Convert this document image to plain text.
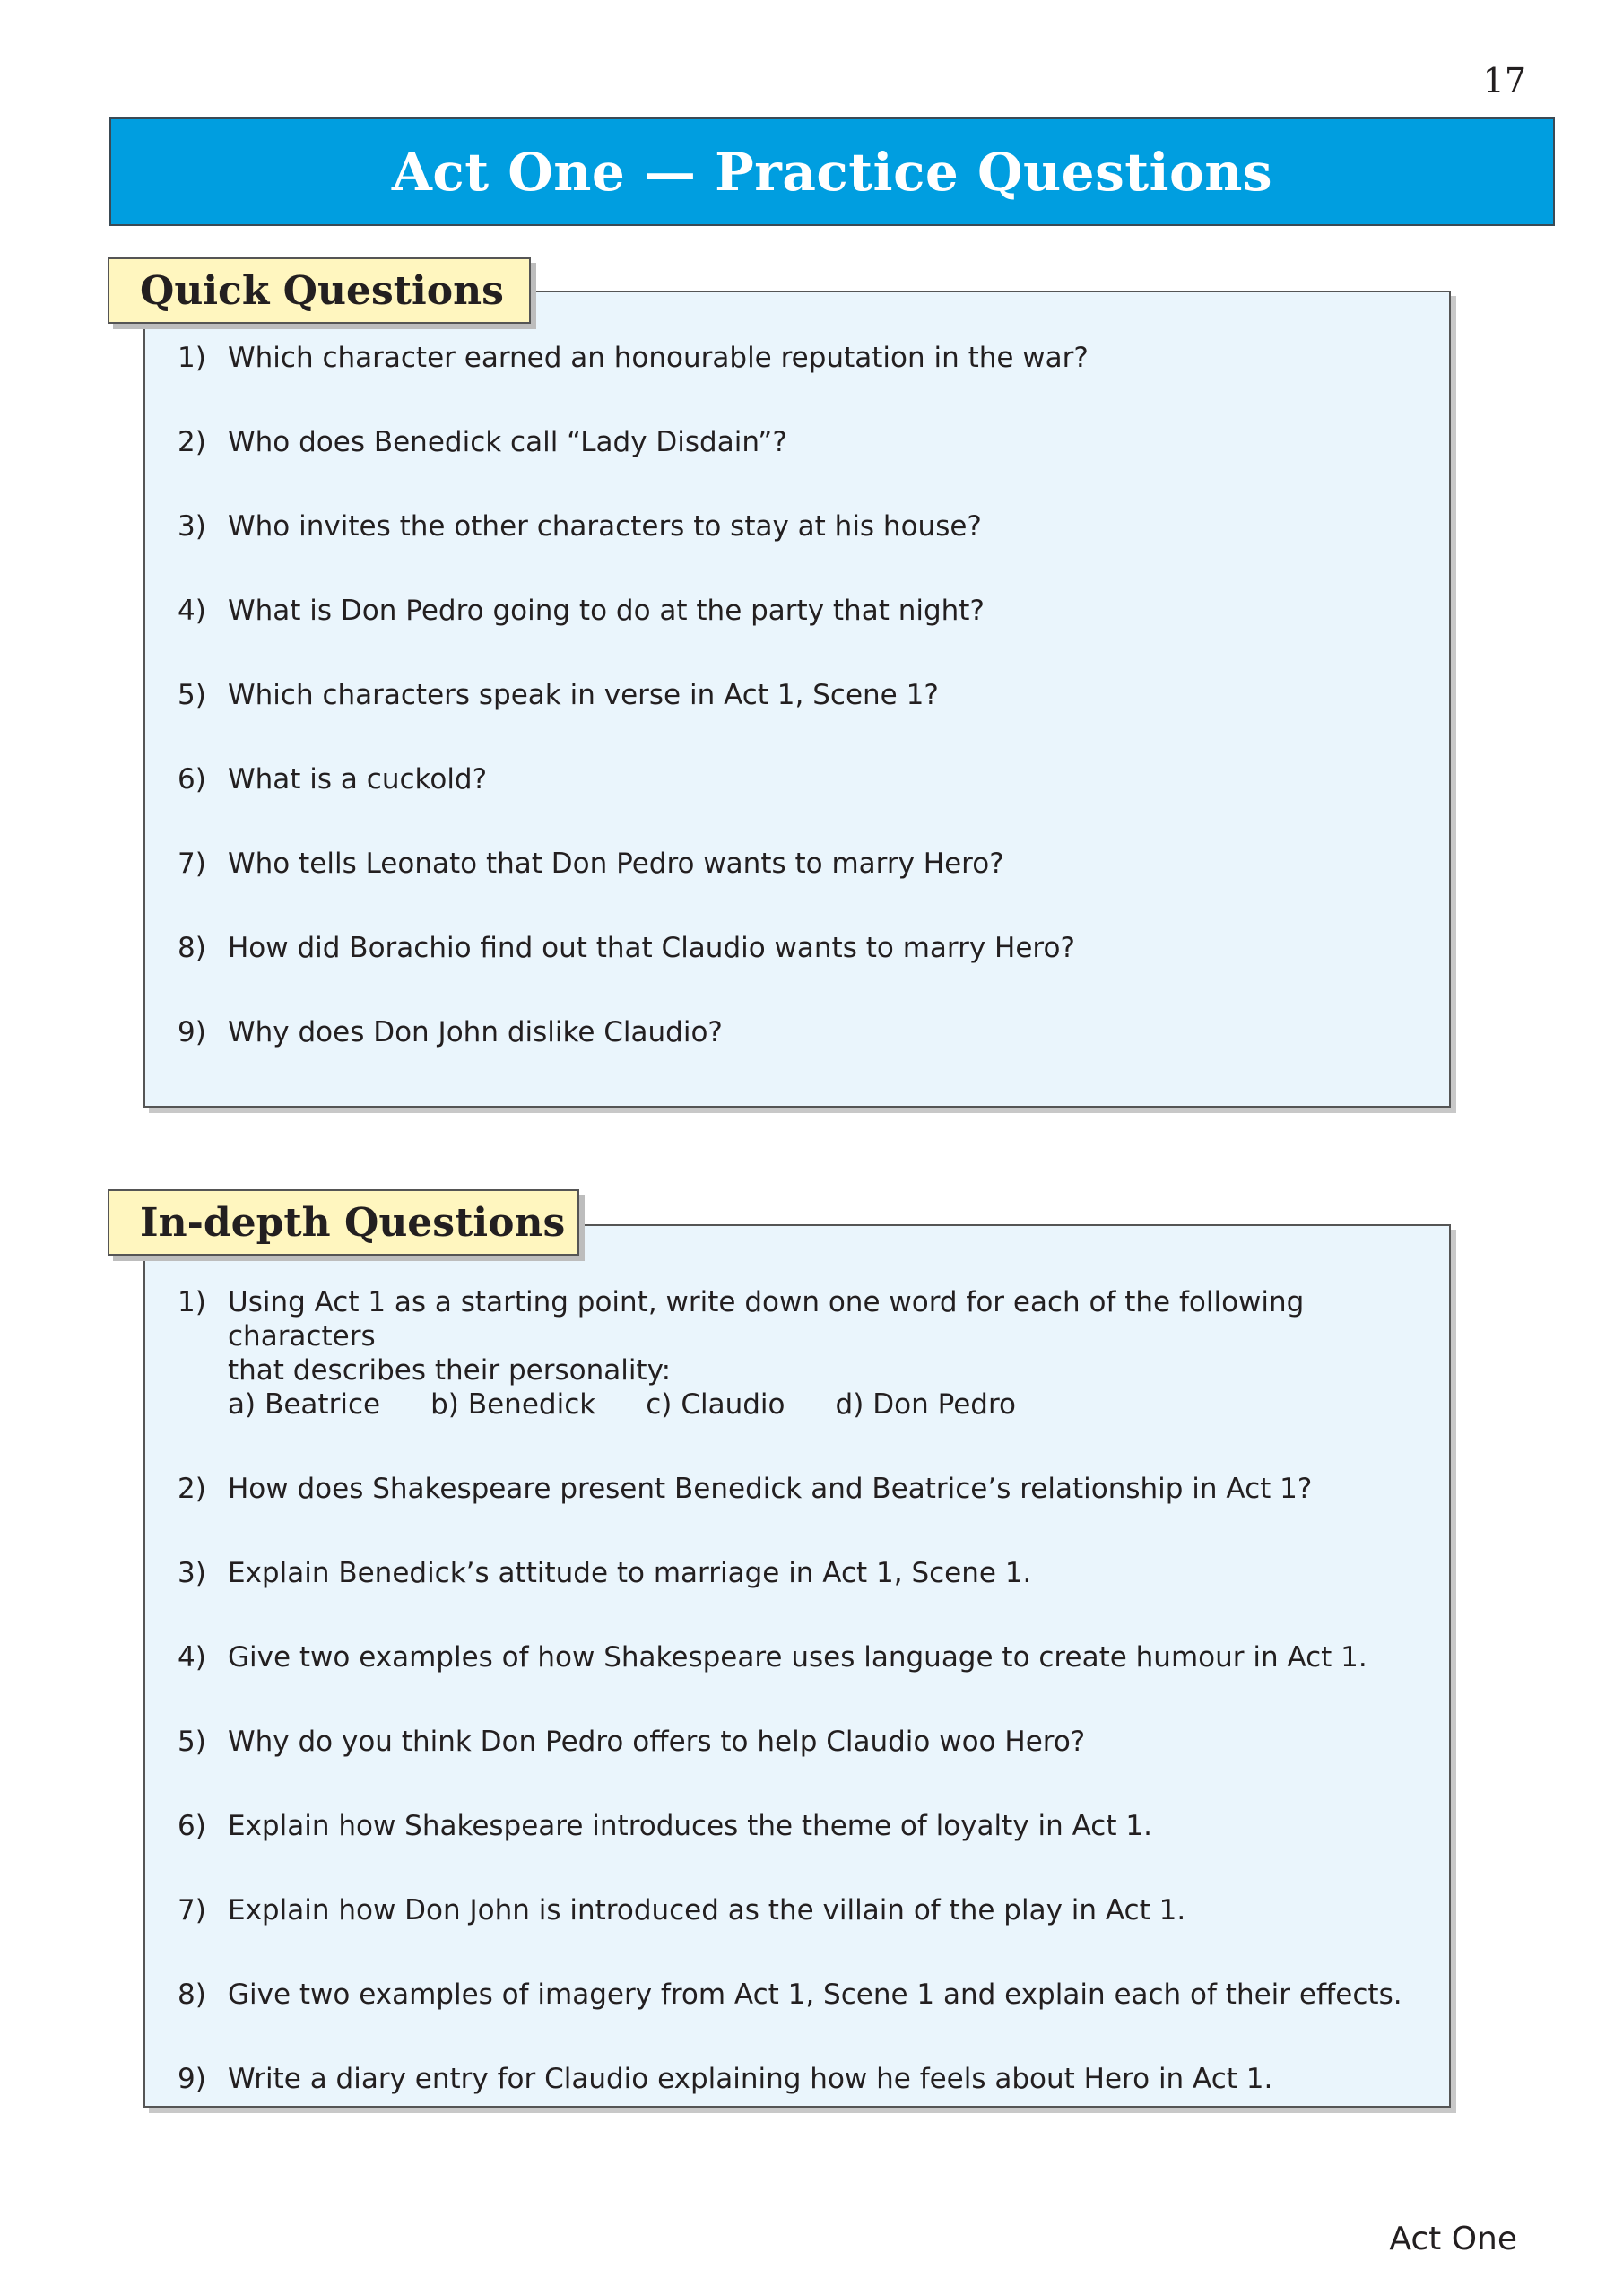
17
Act One — Practice Questions
1) Which character earned an honourable reputation in the war?
2) Who does Benedick call “Lady Disdain”?
3) Who invites the other characters to stay at his house?
4) What is Don Pedro going to do at the party that night?
5) Which characters speak in verse in Act 1, Scene 1?
6) What is a cuckold?
7) Who tells Leonato that Don Pedro wants to marry Hero?
8) How did Borachio find out that Claudio wants to marry Hero?
9) Why does Don John dislike Claudio?
Quick Questions
1) Using Act 1 as a starting point, write down one word for each of the following characters
that describes their personality:
a) Beatrice	b) Benedick	c) Claudio	d) Don Pedro
2) How does Shakespeare present Benedick and Beatrice’s relationship in Act 1?
3) Explain Benedick’s attitude to marriage in Act 1, Scene 1.
4) Give two examples of how Shakespeare uses language to create humour in Act 1.
5) Why do you think Don Pedro offers to help Claudio woo Hero?
6) Explain how Shakespeare introduces the theme of loyalty in Act 1.
7) Explain how Don John is introduced as the villain of the play in Act 1.
8) Give two examples of imagery from Act 1, Scene 1 and explain each of their effects.
9) Write a diary entry for Claudio explaining how he feels about Hero in Act 1.
In-depth Questions
Act One
